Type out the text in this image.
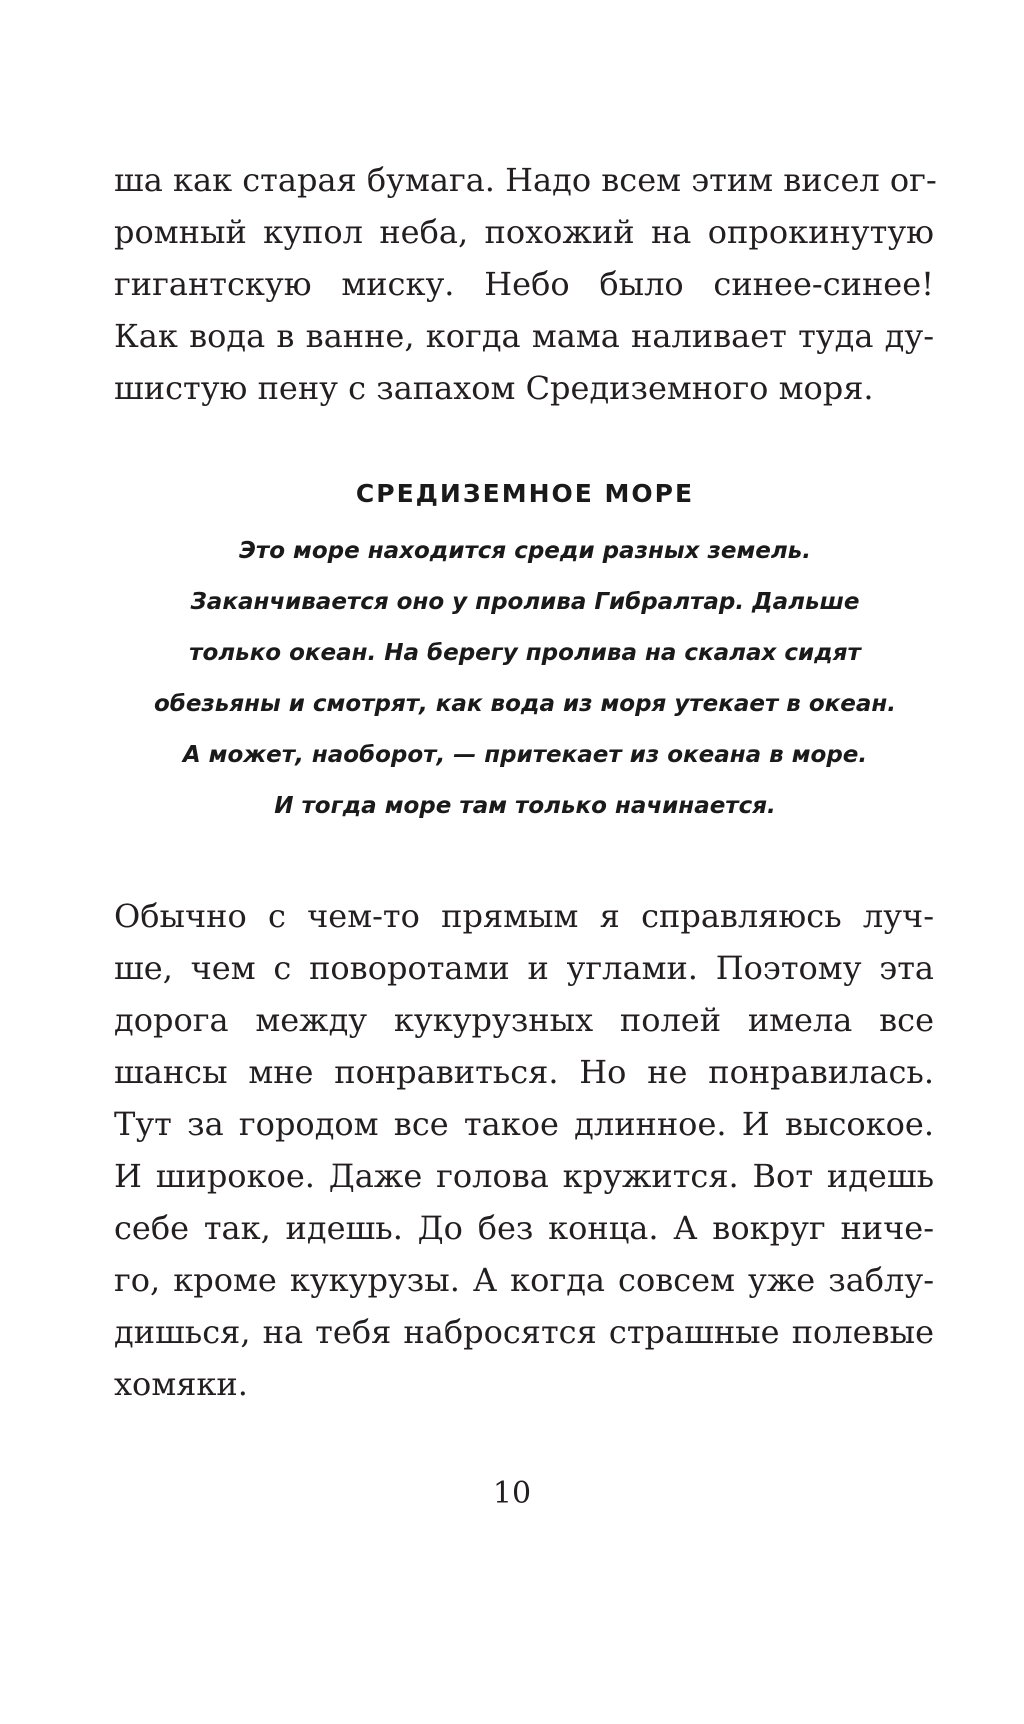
ша как старая бумага. Надо всем этим висел ог-
ромный купол неба, похожий на опрокинутую
гигантскую миску. Небо было синее-синее!
Как вода в ванне, когда мама наливает туда ду-
шистую пену с запахом Средиземного моря.
СРЕДИЗЕМНОЕ МОРЕ
Это море находится среди разных земель.
Заканчивается оно у пролива Гибралтар. Дальше
только океан. На берегу пролива на скалах сидят
обезьяны и смотрят, как вода из моря утекает в океан.
А может, наоборот, — притекает из океана в море.
И тогда море там только начинается.
Обычно с чем-то прямым я справляюсь луч-
ше, чем с поворотами и углами. Поэтому эта
дорога между кукурузных полей имела все
шансы мне понравиться. Но не понравилась.
Тут за городом все такое длинное. И высокое.
И широкое. Даже голова кружится. Вот идешь
себе так, идешь. До без конца. А вокруг ниче-
го, кроме кукурузы. А когда совсем уже заблу-
дишься, на тебя набросятся страшные полевые
хомяки.
10
